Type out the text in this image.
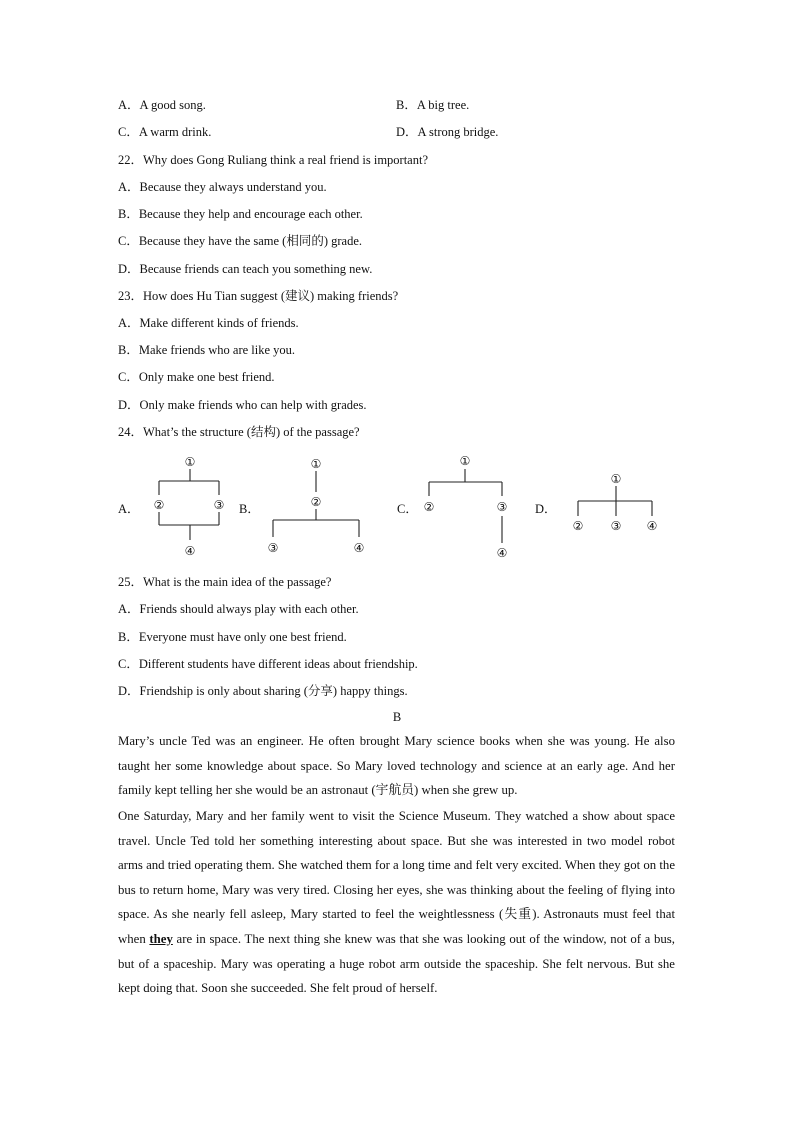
A．A good song.	B．A big tree.
C．A warm drink.	D．A strong bridge.
22．Why does Gong Ruliang think a real friend is important?
A．Because they always understand you.
B．Because they help and encourage each other.
C．Because they have the same (相同的) grade.
D．Because friends can teach you something new.
23．How does Hu Tian suggest (建议) making friends?
A．Make different kinds of friends.
B．Make friends who are like you.
C．Only make one best friend.
D．Only make friends who can help with grades.
24．What’s the structure (结构) of the passage?
A．	B．	C．	D．
①
②	③
④
①
②
③	④
①
②	③
④
①
② ③ ④
25．What is the main idea of the passage?
A．Friends should always play with each other.
B．Everyone must have only one best friend.
C．Different students have different ideas about friendship.
D．Friendship is only about sharing (分享) happy things.
B
Mary’s uncle Ted was an engineer. He often brought Mary science books when she was young. He also taught her some knowledge about space. So Mary loved technology and science at an early age. And her family kept telling her she would be an astronaut (宇航员) when she grew up.
One Saturday, Mary and her family went to visit the Science Museum. They watched a show about space travel. Uncle Ted told her something interesting about space. But she was interested in two model robot arms and tried operating them. She watched them for a long time and felt very excited. When they got on the bus to return home, Mary was very tired. Closing her eyes, she was thinking about the feeling of flying into space. As she nearly fell asleep, Mary started to feel the weightlessness (失重). Astronauts must feel that when they are in space. The next thing she knew was that she was looking out of the window, not of a bus, but of a spaceship. Mary was operating a huge robot arm outside the spaceship. She felt nervous. But she kept doing that. Soon she succeeded. She felt proud of herself.
